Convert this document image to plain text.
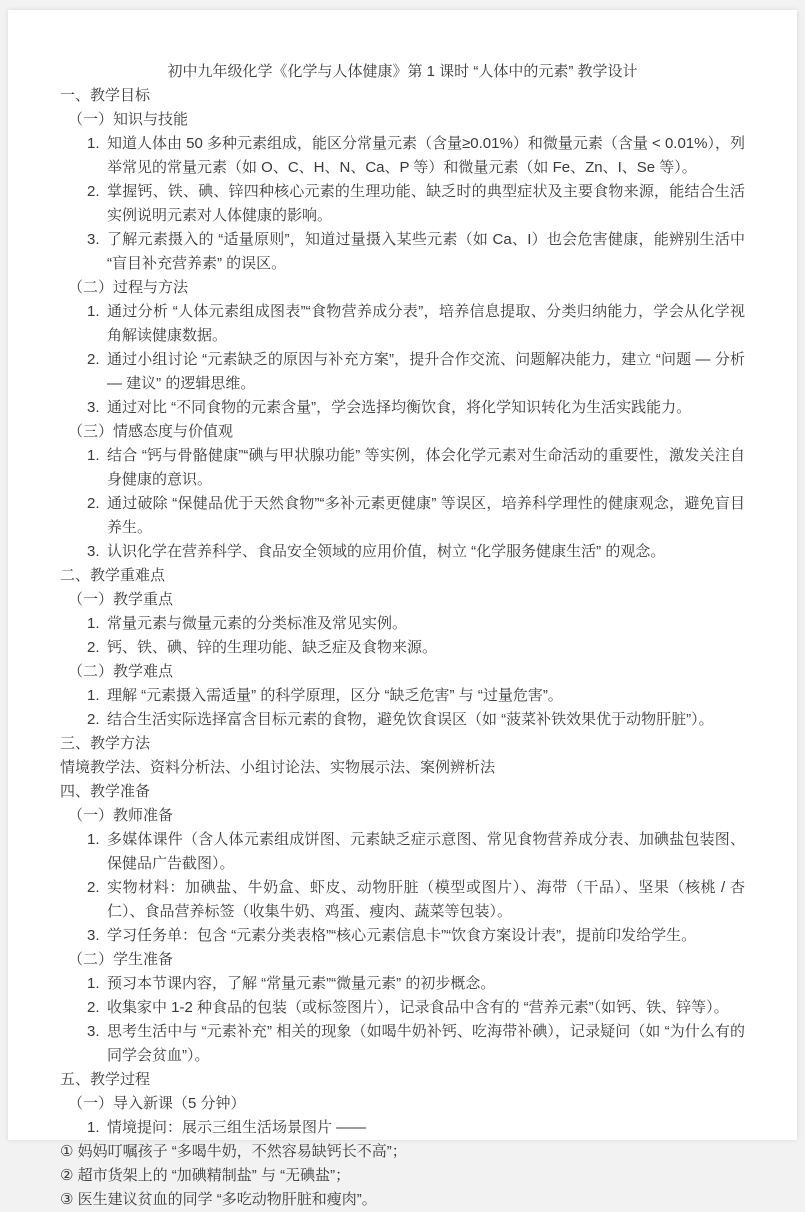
初中九年级化学《化学与人体健康》第 1 课时 “人体中的元素” 教学设计
一、教学目标
（一）知识与技能
1. 知道人体由 50 多种元素组成，能区分常量元素（含量≥0.01%）和微量元素（含量 < 0.01%），列举常见的常量元素（如 O、C、H、N、Ca、P 等）和微量元素（如 Fe、Zn、I、Se 等）。
2. 掌握钙、铁、碘、锌四种核心元素的生理功能、缺乏时的典型症状及主要食物来源，能结合生活实例说明元素对人体健康的影响。
3. 了解元素摄入的 “适量原则”，知道过量摄入某些元素（如 Ca、I）也会危害健康，能辨别生活中 “盲目补充营养素” 的误区。
（二）过程与方法
1. 通过分析 “人体元素组成图表”“食物营养成分表”，培养信息提取、分类归纳能力，学会从化学视角解读健康数据。
2. 通过小组讨论 “元素缺乏的原因与补充方案”，提升合作交流、问题解决能力，建立 “问题 — 分析 — 建议” 的逻辑思维。
3. 通过对比 “不同食物的元素含量”，学会选择均衡饮食，将化学知识转化为生活实践能力。
（三）情感态度与价值观
1. 结合 “钙与骨骼健康”“碘与甲状腺功能” 等实例，体会化学元素对生命活动的重要性，激发关注自身健康的意识。
2. 通过破除 “保健品优于天然食物”“多补元素更健康” 等误区，培养科学理性的健康观念，避免盲目养生。
3. 认识化学在营养科学、食品安全领域的应用价值，树立 “化学服务健康生活” 的观念。
二、教学重难点
（一）教学重点
1. 常量元素与微量元素的分类标准及常见实例。
2. 钙、铁、碘、锌的生理功能、缺乏症及食物来源。
（二）教学难点
1. 理解 “元素摄入需适量” 的科学原理，区分 “缺乏危害” 与 “过量危害”。
2. 结合生活实际选择富含目标元素的食物，避免饮食误区（如 “菠菜补铁效果优于动物肝脏”）。
三、教学方法
情境教学法、资料分析法、小组讨论法、实物展示法、案例辨析法
四、教学准备
（一）教师准备
1. 多媒体课件（含人体元素组成饼图、元素缺乏症示意图、常见食物营养成分表、加碘盐包装图、保健品广告截图）。
2. 实物材料：加碘盐、牛奶盒、虾皮、动物肝脏（模型或图片）、海带（干品）、坚果（核桃 / 杏仁）、食品营养标签（收集牛奶、鸡蛋、瘦肉、蔬菜等包装）。
3. 学习任务单：包含 “元素分类表格”“核心元素信息卡”“饮食方案设计表”，提前印发给学生。
（二）学生准备
1. 预习本节课内容，了解 “常量元素”“微量元素” 的初步概念。
2. 收集家中 1-2 种食品的包装（或标签图片），记录食品中含有的 “营养元素”（如钙、铁、锌等）。
3. 思考生活中与 “元素补充” 相关的现象（如喝牛奶补钙、吃海带补碘），记录疑问（如 “为什么有的同学会贫血”）。
五、教学过程
（一）导入新课（5 分钟）
1. 情境提问：展示三组生活场景图片 ——
① 妈妈叮嘱孩子 “多喝牛奶，不然容易缺钙长不高”；
② 超市货架上的 “加碘精制盐” 与 “无碘盐”；
③ 医生建议贫血的同学 “多吃动物肝脏和瘦肉”。
